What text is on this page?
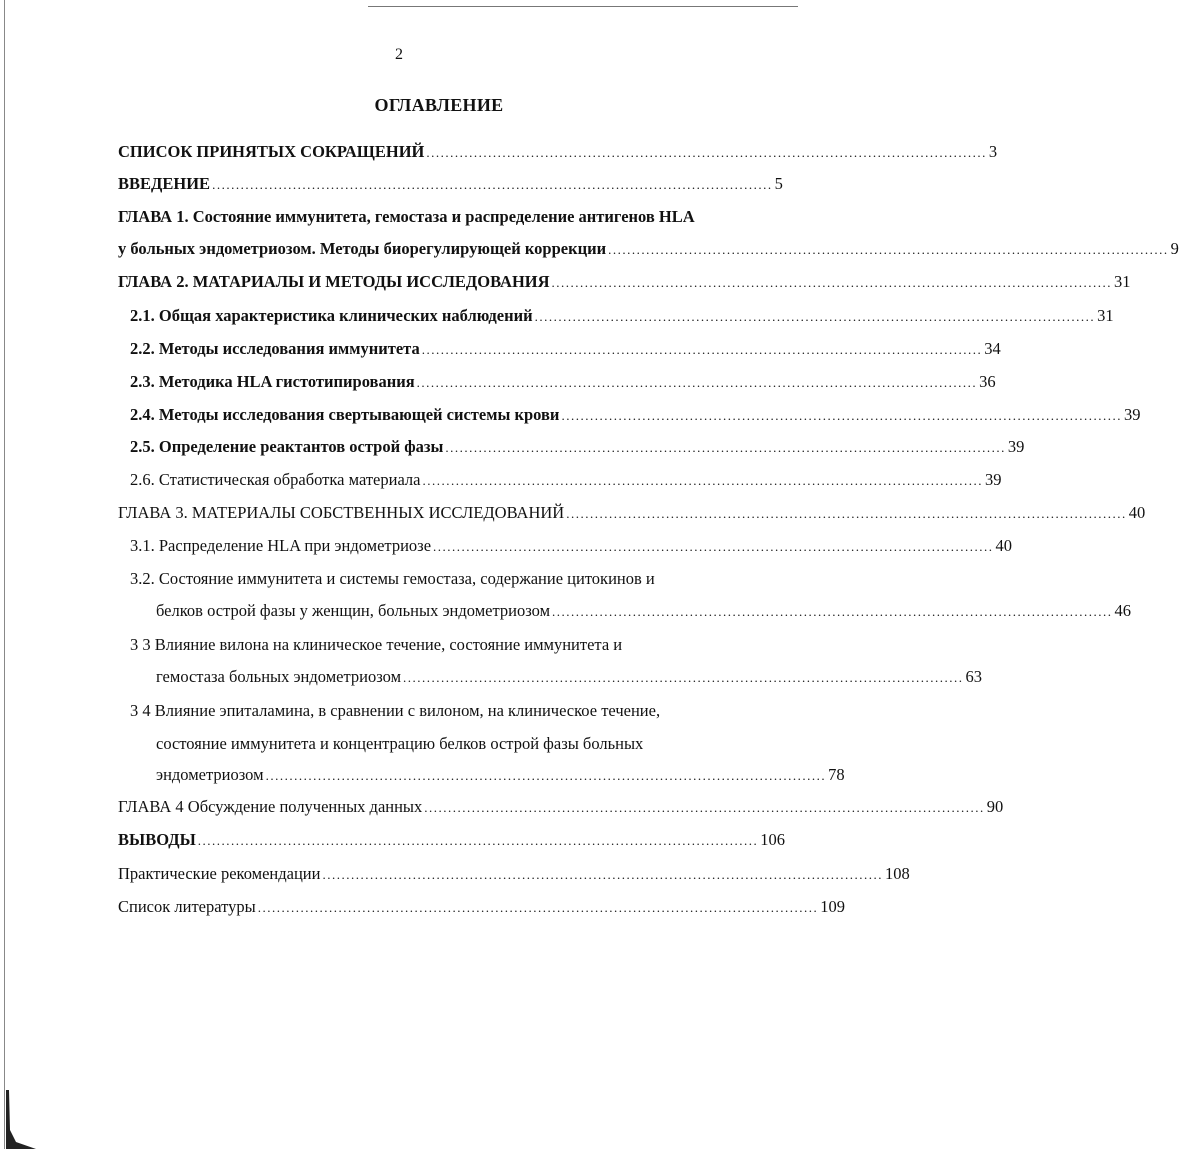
2
ОГЛАВЛЕНИЕ
СПИСОК ПРИНЯТЫХ СОКРАЩЕНИЙ ...................................................................................................................... 3
ВВЕДЕНИЕ ...................................................................................................................... 5
ГЛАВА 1. Состояние иммунитета, гемостаза и распределение антигенов HLA
у больных эндометриозом. Методы биорегулирующей коррекции ...................................................................................................................... 9
ГЛАВА 2. МАТАРИАЛЫ И МЕТОДЫ ИССЛЕДОВАНИЯ ...................................................................................................................... 31
2.1. Общая характеристика клинических наблюдений ...................................................................................................................... 31
2.2. Методы исследования иммунитета ...................................................................................................................... 34
2.3. Методика HLA гистотипирования ...................................................................................................................... 36
2.4. Методы исследования свертывающей системы крови ...................................................................................................................... 39
2.5. Определение реактантов острой фазы ...................................................................................................................... 39
2.6. Статистическая обработка материала ...................................................................................................................... 39
ГЛАВА 3. МАТЕРИАЛЫ СОБСТВЕННЫХ ИССЛЕДОВАНИЙ ...................................................................................................................... 40
3.1. Распределение HLA при эндометриозе ...................................................................................................................... 40
3.2. Состояние иммунитета и системы гемостаза, содержание цитокинов и
белков острой фазы у женщин, больных эндометриозом ...................................................................................................................... 46
3 3 Влияние вилона на клиническое течение, состояние иммунитета и
гемостаза больных эндометриозом ...................................................................................................................... 63
3 4 Влияние эпиталамина, в сравнении с вилоном, на клиническое течение,
состояние иммунитета и концентрацию белков острой фазы больных
эндометриозом ...................................................................................................................... 78
ГЛАВА 4 Обсуждение полученных данных ...................................................................................................................... 90
ВЫВОДЫ ...................................................................................................................... 106
Практические рекомендации ...................................................................................................................... 108
Список литературы ...................................................................................................................... 109
